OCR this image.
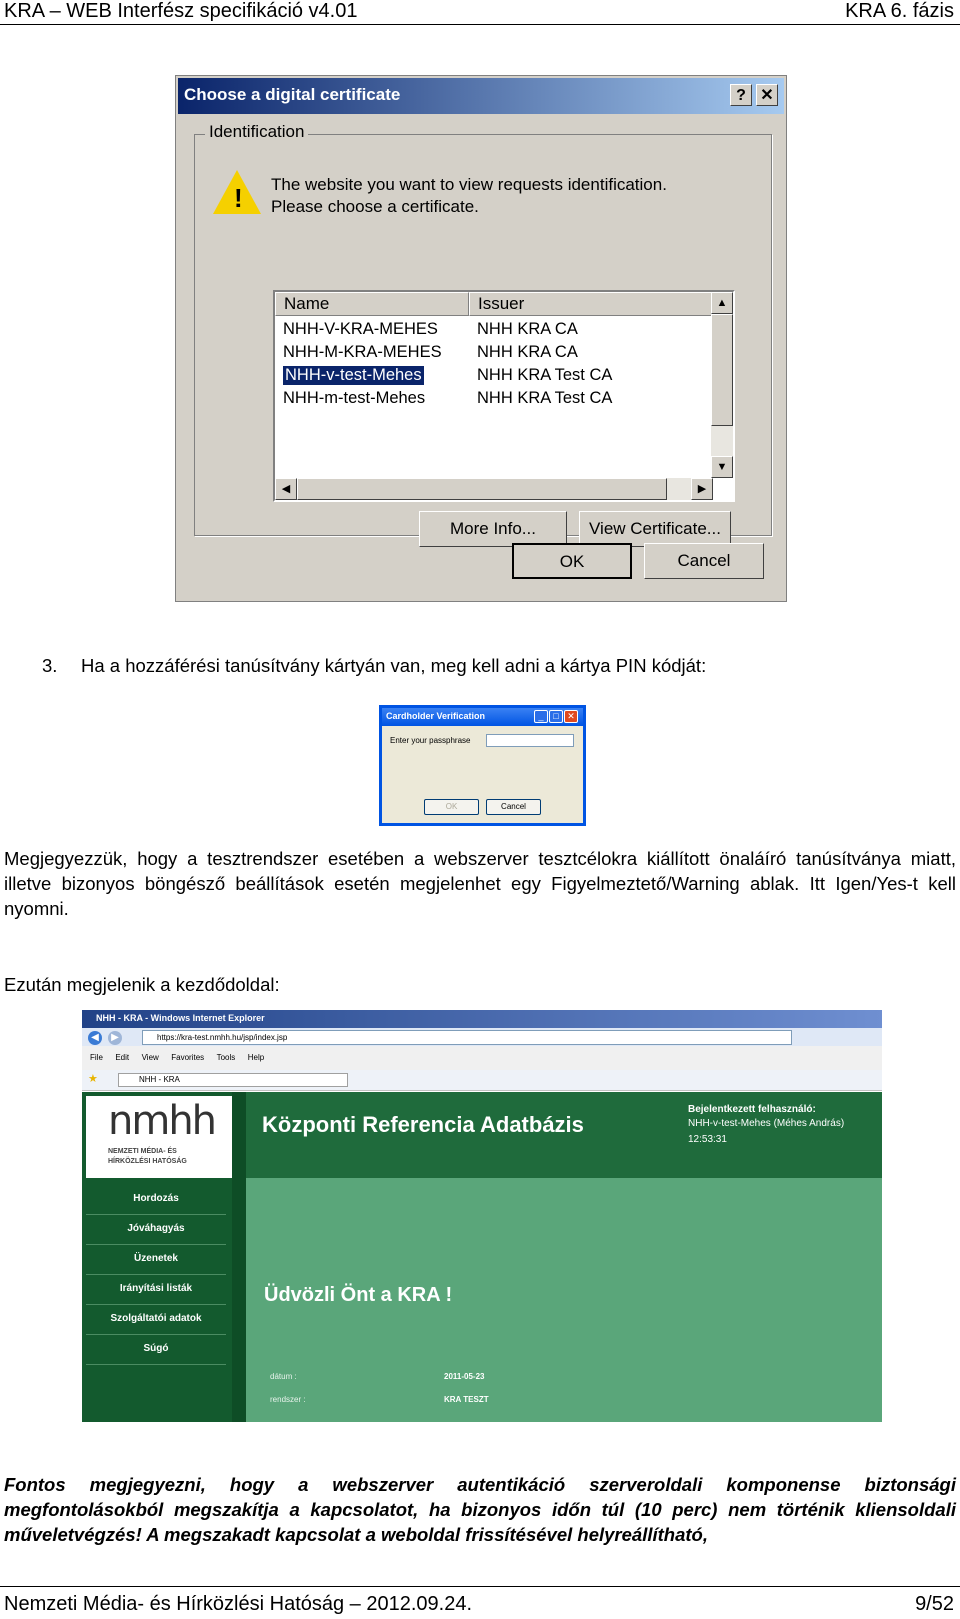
KRA – WEB Interfész specifikáció v4.01	KRA 6. fázis
Choose a digital certificate	? ✕
Identification
! The website you want to view requests identification.
Please choose a certificate.
Name	Issuer
NHH-V-KRA-MEHES NHH KRA CA
NHH-M-KRA-MEHES NHH KRA CA
NHH-v-test-Mehes	NHH KRA Test CA
NHH-m-test-Mehes	NHH KRA Test CA
▲
▼
◀	▶
More Info...	View Certificate...
OK	Cancel
3. Ha a hozzáférési tanúsítvány kártyán van, meg kell adni a kártya PIN kódját:
Cardholder Verification	_	□ ✕
Enter your passphrase
OK	Cancel
Megjegyezzük, hogy a tesztrendszer esetében a webszerver tesztcélokra kiállított önaláíró tanúsítványa miatt, illetve bizonyos böngésző beállítások esetén megjelenhet egy Figyelmeztető/Warning ablak. Itt Igen/Yes-t kell nyomni.
Ezután megjelenik a kezdődoldal:
NHH - KRA - Windows Internet Explorer
◀	▶	https://kra-test.nmhh.hu/jsp/index.jsp
File Edit View Favorites Tools Help
★	NHH - KRA
nmhh
NEMZETI MÉDIA- ÉS
HÍRKÖZLÉSI HATÓSÁG
Központi Referencia Adatbázis
Bejelentkezett felhasználó:
NHH-v-test-Mehes (Méhes András)
12:53:31
Üdvözli Önt a KRA !
dátum :	2011-05-23
rendszer :	KRA TESZT
Hordozás
Jóváhagyás
Üzenetek
Irányítási listák
Szolgáltatói adatok
Súgó
Fontos megjegyezni, hogy a webszerver autentikáció szerveroldali komponense biztonsági megfontolásokból megszakítja a kapcsolatot, ha bizonyos időn túl (10 perc) nem történik kliensoldali műveletvégzés! A megszakadt kapcsolat a weboldal frissítésével helyreállítható,
Nemzeti Média- és Hírközlési Hatóság – 2012.09.24.	9/52
